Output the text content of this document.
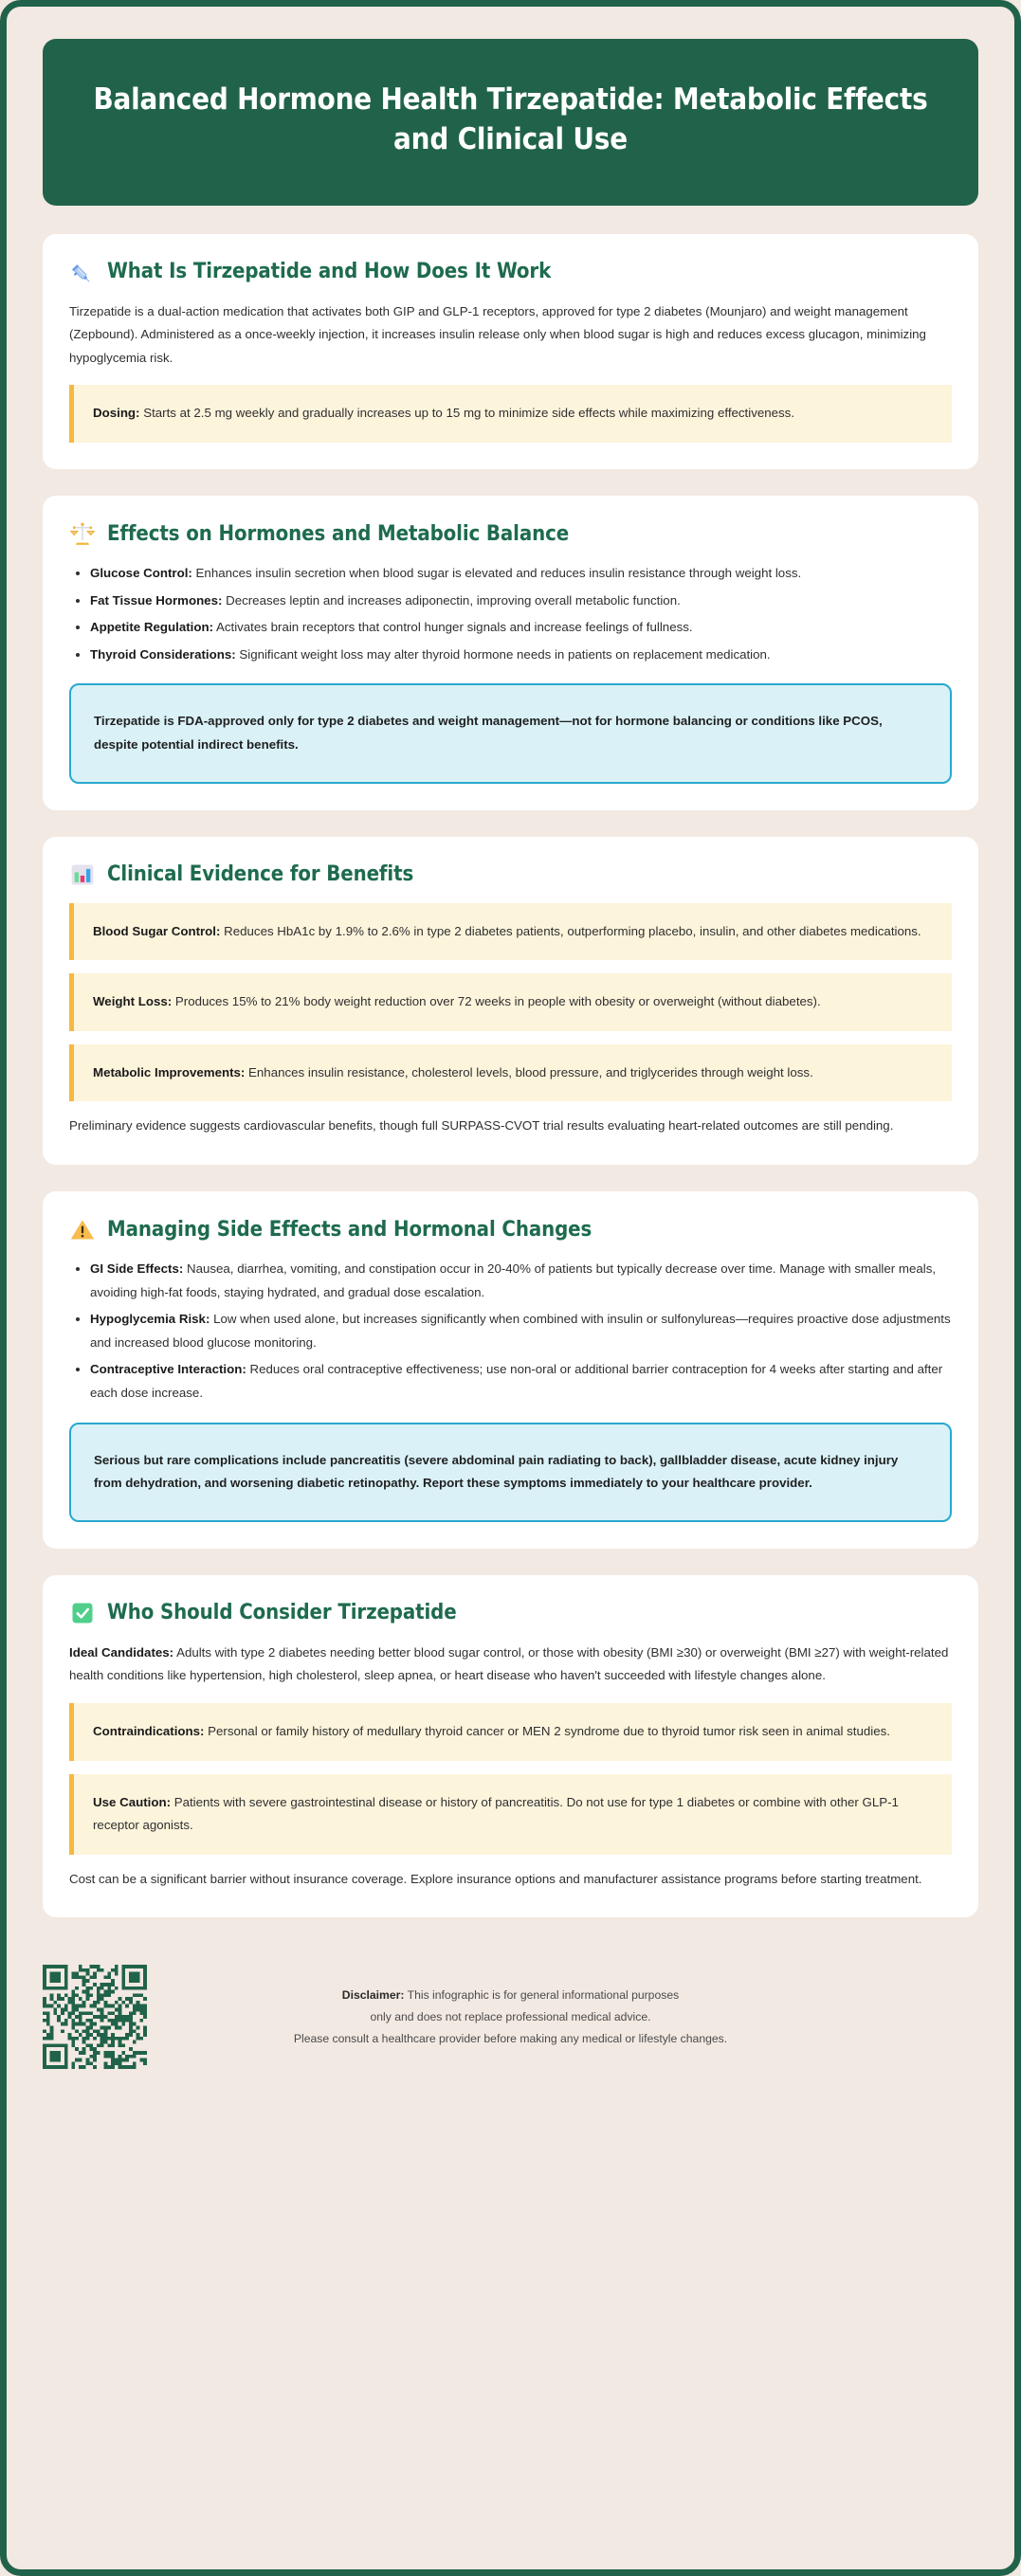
Balanced Hormone Health Tirzepatide: Metabolic Effects and Clinical Use
What Is Tirzepatide and How Does It Work

Tirzepatide is a dual-action medication that activates both GIP and GLP-1 receptors, approved for type 2 diabetes (Mounjaro) and weight management (Zepbound). Administered as a once-weekly injection, it increases insulin release only when blood sugar is high and reduces excess glucagon, minimizing hypoglycemia risk.

Dosing: Starts at 2.5 mg weekly and gradually increases up to 15 mg to minimize side effects while maximizing effectiveness.
Effects on Hormones and Metabolic Balance
• Glucose Control: Enhances insulin secretion when blood sugar is elevated and reduces insulin resistance through weight loss.
• Fat Tissue Hormones: Decreases leptin and increases adiponectin, improving overall metabolic function.
• Appetite Regulation: Activates brain receptors that control hunger signals and increase feelings of fullness.
• Thyroid Considerations: Significant weight loss may alter thyroid hormone needs in patients on replacement medication.
Tirzepatide is FDA-approved only for type 2 diabetes and weight management—not for hormone balancing or conditions like PCOS, despite potential indirect benefits.
Clinical Evidence for Benefits
Blood Sugar Control: Reduces HbA1c by 1.9% to 2.6% in type 2 diabetes patients, outperforming placebo, insulin, and other diabetes medications.
Weight Loss: Produces 15% to 21% body weight reduction over 72 weeks in people with obesity or overweight (without diabetes).
Metabolic Improvements: Enhances insulin resistance, cholesterol levels, blood pressure, and triglycerides through weight loss.

Preliminary evidence suggests cardiovascular benefits, though full SURPASS-CVOT trial results evaluating heart-related outcomes are still pending.

Managing Side Effects and Hormonal Changes
• GI Side Effects: Nausea, diarrhea, vomiting, and constipation occur in 20-40% of patients but typically decrease over time. Manage with smaller meals, avoiding high-fat foods, staying hydrated, and gradual dose escalation.
• Hypoglycemia Risk: Low when used alone, but increases significantly when combined with insulin or sulfonylureas—requires proactive dose adjustments and increased blood glucose monitoring.
• Contraceptive Interaction: Reduces oral contraceptive effectiveness; use non-oral or additional barrier contraception for 4 weeks after starting and after each dose increase.
Serious but rare complications include pancreatitis (severe abdominal pain radiating to back), gallbladder disease, acute kidney injury from dehydration, and worsening diabetic retinopathy. Report these symptoms immediately to your healthcare provider.
Who Should Consider Tirzepatide

Ideal Candidates: Adults with type 2 diabetes needing better blood sugar control, or those with obesity (BMI ≥30) or overweight (BMI ≥27) with weight-related health conditions like hypertension, high cholesterol, sleep apnea, or heart disease who haven't succeeded with lifestyle changes alone.

Contraindications: Personal or family history of medullary thyroid cancer or MEN 2 syndrome due to thyroid tumor risk seen in animal studies.
Use Caution: Patients with severe gastrointestinal disease or history of pancreatitis. Do not use for type 1 diabetes or combine with other GLP-1 receptor agonists.

Cost can be a significant barrier without insurance coverage. Explore insurance options and manufacturer assistance programs before starting treatment.

Disclaimer: This infographic is for general informational purposes
only and does not replace professional medical advice.
Please consult a healthcare provider before making any medical or lifestyle changes.
